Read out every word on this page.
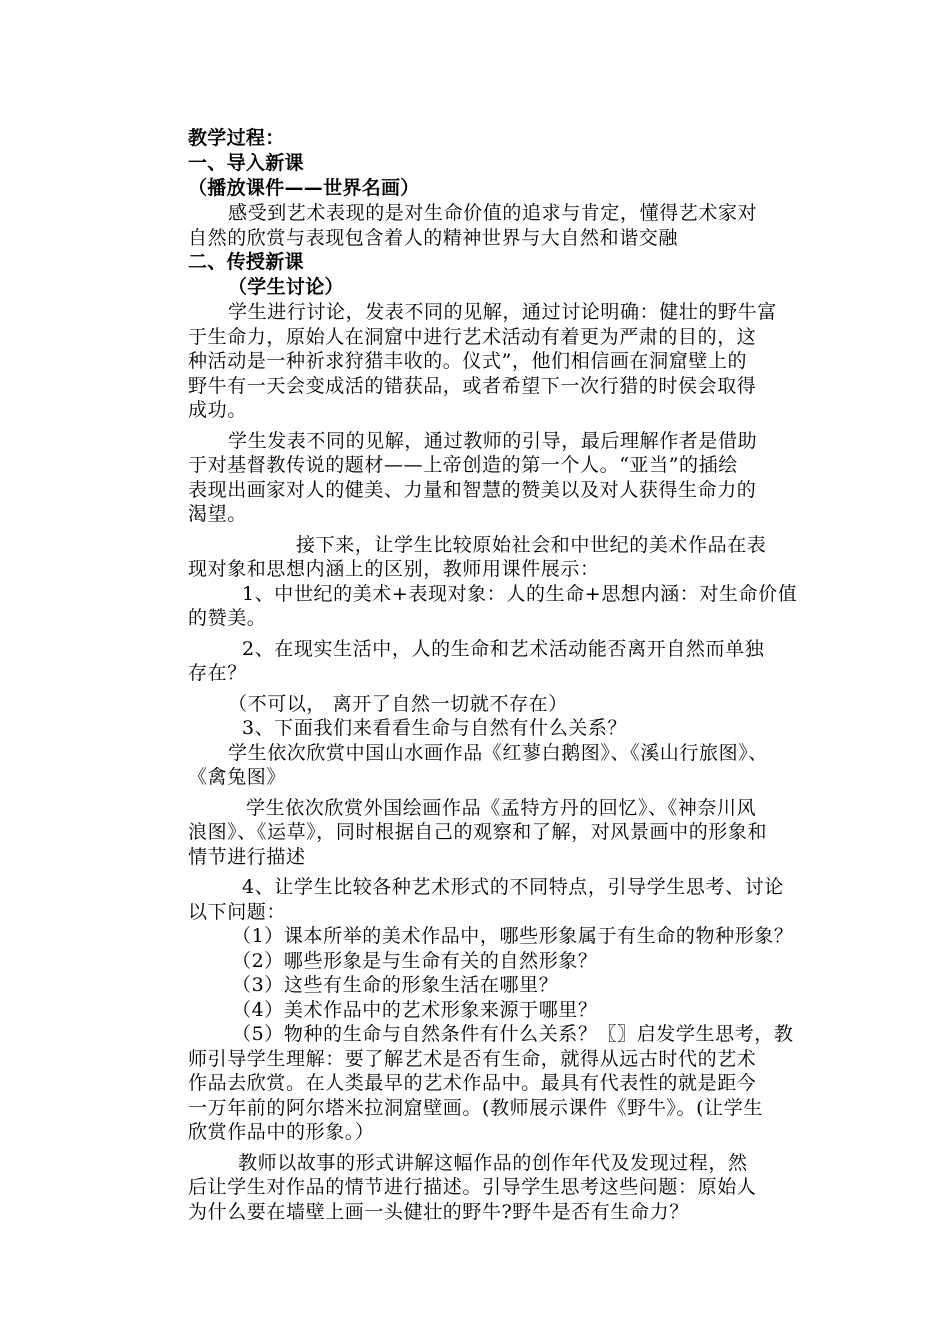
教学过程：
一、导入新课
（播放课件——世界名画）
感受到艺术表现的是对生命价值的追求与肯定，懂得艺术家对
自然的欣赏与表现包含着人的精神世界与大自然和谐交融
二、传授新课
（学生讨论）
学生进行讨论，发表不同的见解，通过讨论明确：健壮的野牛富
于生命力，原始人在洞窟中进行艺术活动有着更为严肃的目的，这
种活动是一种祈求狩猎丰收的。仪式”，他们相信画在洞窟壁上的
野牛有一天会变成活的错获品，或者希望下一次行猎的时侯会取得
成功。
学生发表不同的见解，通过教师的引导，最后理解作者是借助
于对基督教传说的题材——上帝创造的第一个人。“亚当”的插绘
表现出画家对人的健美、力量和智慧的赞美以及对人获得生命力的
渴望。
接下来，让学生比较原始社会和中世纪的美术作品在表
现对象和思想内涵上的区别，教师用课件展示：
1、中世纪的美术+表现对象：人的生命+思想内涵：对生命价值
的赞美。
2、在现实生活中，人的生命和艺术活动能否离开自然而单独
存在？
（不可以， 离开了自然一切就不存在）
3、下面我们来看看生命与自然有什么关系？
学生依次欣赏中国山水画作品《红蓼白鹅图》、《溪山行旅图》、
《禽兔图》
学生依次欣赏外国绘画作品《孟特方丹的回忆》、《神奈川风
浪图》、《运草》，同时根据自己的观察和了解，对风景画中的形象和
情节进行描述
4、让学生比较各种艺术形式的不同特点，引导学生思考、讨论
以下问题：
（1）课本所举的美术作品中，哪些形象属于有生命的物种形象？
（2）哪些形象是与生命有关的自然形象？
（3）这些有生命的形象生活在哪里？
（4）美术作品中的艺术形象来源于哪里？
（5）物种的生命与自然条件有什么关系？〖〗启发学生思考，教
师引导学生理解：要了解艺术是否有生命，就得从远古时代的艺术
作品去欣赏。在人类最早的艺术作品中。最具有代表性的就是距今
一万年前的阿尔塔米拉洞窟壁画。(教师展示课件《野牛》。(让学生
欣赏作品中的形象。）
教师以故事的形式讲解这幅作品的创作年代及发现过程，然
后让学生对作品的情节进行描述。引导学生思考这些问题：原始人
为什么要在墙壁上画一头健壮的野牛?野牛是否有生命力？
